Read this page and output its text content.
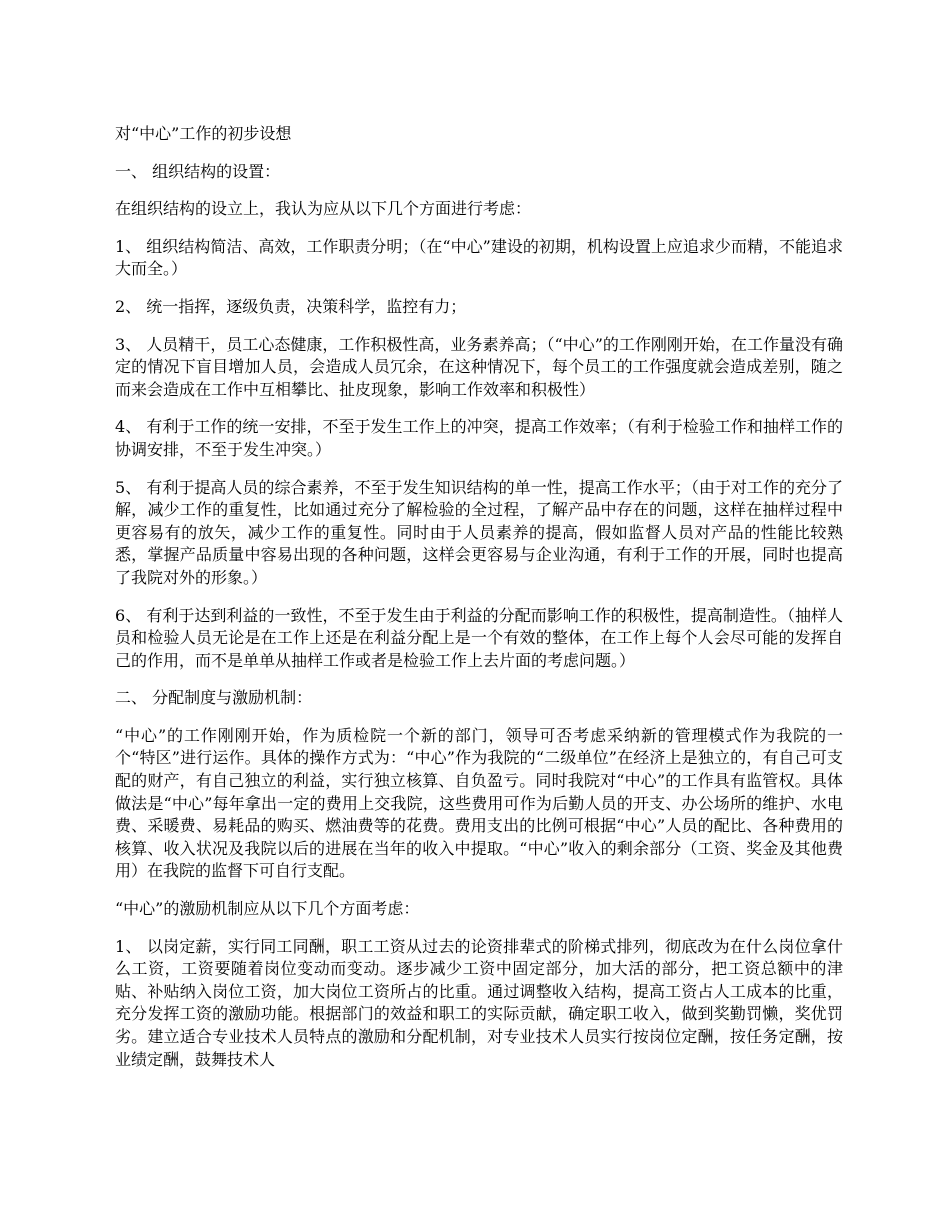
对“中心”工作的初步设想

一、 组织结构的设置：

在组织结构的设立上，我认为应从以下几个方面进行考虑：

1、 组织结构简洁、高效，工作职责分明；（在“中心”建设的初期，机构设置上应追求少而精，不能追求大而全。）

2、 统一指挥，逐级负责，决策科学，监控有力；

3、 人员精干，员工心态健康，工作积极性高，业务素养高；（“中心”的工作刚刚开始，在工作量没有确定的情况下盲目增加人员，会造成人员冗余，在这种情况下，每个员工的工作强度就会造成差别，随之而来会造成在工作中互相攀比、扯皮现象，影响工作效率和积极性）

4、 有利于工作的统一安排，不至于发生工作上的冲突，提高工作效率；（有利于检验工作和抽样工作的协调安排，不至于发生冲突。）

5、 有利于提高人员的综合素养，不至于发生知识结构的单一性，提高工作水平；（由于对工作的充分了解，减少工作的重复性，比如通过充分了解检验的全过程，了解产品中存在的问题，这样在抽样过程中更容易有的放矢，减少工作的重复性。同时由于人员素养的提高，假如监督人员对产品的性能比较熟悉，掌握产品质量中容易出现的各种问题，这样会更容易与企业沟通，有利于工作的开展，同时也提高了我院对外的形象。）

6、 有利于达到利益的一致性，不至于发生由于利益的分配而影响工作的积极性，提高制造性。（抽样人员和检验人员无论是在工作上还是在利益分配上是一个有效的整体，在工作上每个人会尽可能的发挥自己的作用，而不是单单从抽样工作或者是检验工作上去片面的考虑问题。）

二、 分配制度与激励机制：

“中心”的工作刚刚开始，作为质检院一个新的部门，领导可否考虑采纳新的管理模式作为我院的一个“特区”进行运作。具体的操作方式为：“中心”作为我院的“二级单位”在经济上是独立的，有自己可支配的财产，有自己独立的利益，实行独立核算、自负盈亏。同时我院对“中心”的工作具有监管权。具体做法是“中心”每年拿出一定的费用上交我院，这些费用可作为后勤人员的开支、办公场所的维护、水电费、采暖费、易耗品的购买、燃油费等的花费。费用支出的比例可根据“中心”人员的配比、各种费用的核算、收入状况及我院以后的进展在当年的收入中提取。“中心”收入的剩余部分（工资、奖金及其他费用）在我院的监督下可自行支配。

“中心”的激励机制应从以下几个方面考虑：

1、 以岗定薪，实行同工同酬，职工工资从过去的论资排辈式的阶梯式排列，彻底改为在什么岗位拿什么工资，工资要随着岗位变动而变动。逐步减少工资中固定部分，加大活的部分，把工资总额中的津贴、补贴纳入岗位工资，加大岗位工资所占的比重。通过调整收入结构，提高工资占人工成本的比重，充分发挥工资的激励功能。根据部门的效益和职工的实际贡献，确定职工收入，做到奖勤罚懒，奖优罚劣。建立适合专业技术人员特点的激励和分配机制，对专业技术人员实行按岗位定酬，按任务定酬，按业绩定酬，鼓舞技术人
